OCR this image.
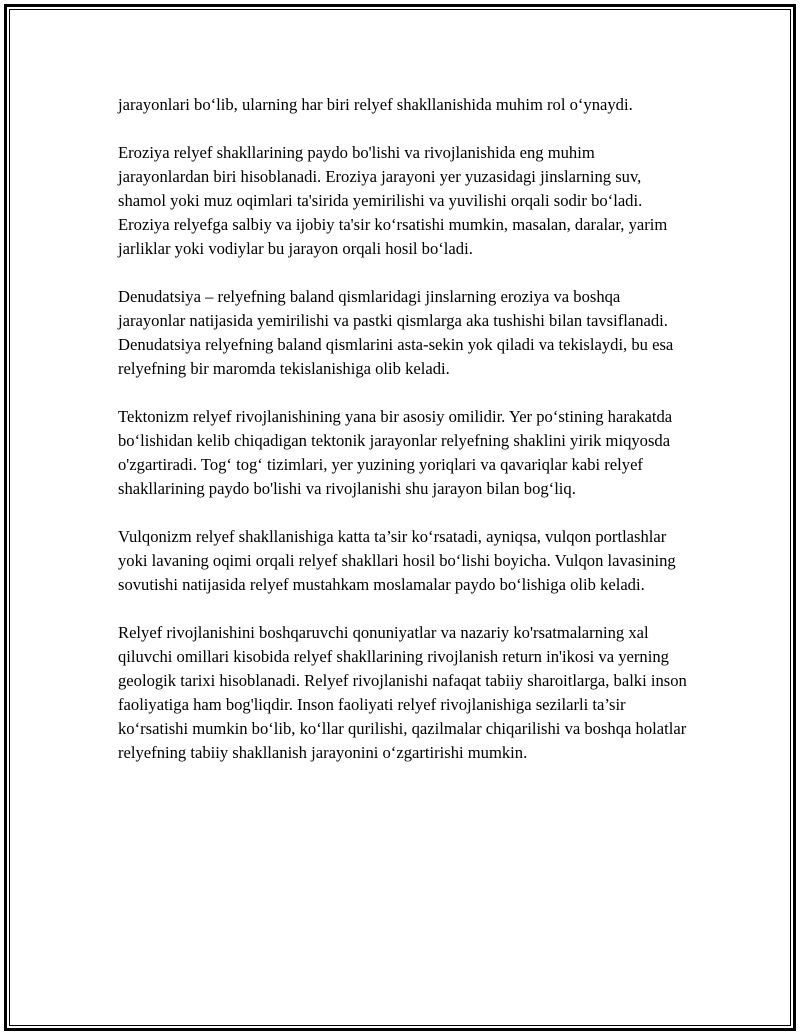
jarayonlari bo‘lib, ularning har biri relyef shakllanishida muhim rol o‘ynaydi.

Eroziya relyef shakllarining paydo bo'lishi va rivojlanishida eng muhim jarayonlardan biri hisoblanadi. Eroziya jarayoni yer yuzasidagi jinslarning suv, shamol yoki muz oqimlari ta'sirida yemirilishi va yuvilishi orqali sodir bo‘ladi. Eroziya relyefga salbiy va ijobiy ta'sir ko‘rsatishi mumkin, masalan, daralar, yarim jarliklar yoki vodiylar bu jarayon orqali hosil bo‘ladi.

Denudatsiya – relyefning baland qismlaridagi jinslarning eroziya va boshqa jarayonlar natijasida yemirilishi va pastki qismlarga aka tushishi bilan tavsiflanadi. Denudatsiya relyefning baland qismlarini asta-sekin yok qiladi va tekislaydi, bu esa relyefning bir maromda tekislanishiga olib keladi.

Tektonizm relyef rivojlanishining yana bir asosiy omilidir. Yer po‘stining harakatda bo‘lishidan kelib chiqadigan tektonik jarayonlar relyefning shaklini yirik miqyosda o'zgartiradi. Tog‘ tog‘ tizimlari, yer yuzining yoriqlari va qavariqlar kabi relyef shakllarining paydo bo'lishi va rivojlanishi shu jarayon bilan bog‘liq.

Vulqonizm relyef shakllanishiga katta ta’sir ko‘rsatadi, ayniqsa, vulqon portlashlar yoki lavaning oqimi orqali relyef shakllari hosil bo‘lishi boyicha. Vulqon lavasining sovutishi natijasida relyef mustahkam moslamalar paydo bo‘lishiga olib keladi.

Relyef rivojlanishini boshqaruvchi qonuniyatlar va nazariy ko'rsatmalarning xal qiluvchi omillari kisobida relyef shakllarining rivojlanish return in'ikosi va yerning geologik tarixi hisoblanadi. Relyef rivojlanishi nafaqat tabiiy sharoitlarga, balki inson faoliyatiga ham bog'liqdir. Inson faoliyati relyef rivojlanishiga sezilarli ta’sir ko‘rsatishi mumkin bo‘lib, ko‘llar qurilishi, qazilmalar chiqarilishi va boshqa holatlar relyefning tabiiy shakllanish jarayonini o‘zgartirishi mumkin.
